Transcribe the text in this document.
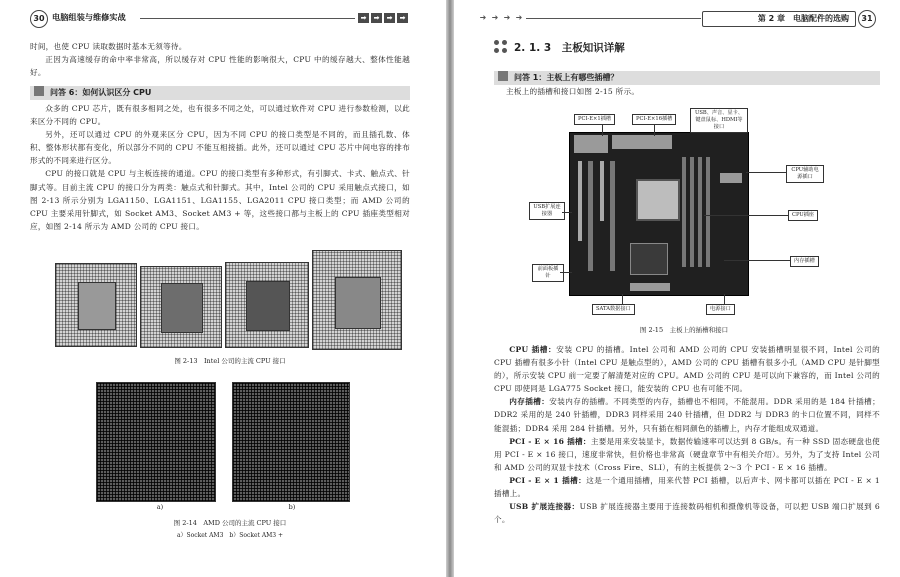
30 电脑组装与维修实战	➡	➡	➡	➡

时间，也使 CPU 读取数据时基本无须等待。

正因为高速缓存的命中率非常高，所以缓存对 CPU 性能的影响很大，CPU 中的缓存越大、整体性能越好。

问答 6：如何认识区分 CPU

众多的 CPU 芯片，既有很多相同之处，也有很多不同之处，可以通过软件对 CPU 进行参数检测，以此来区分不同的 CPU。

另外，还可以通过 CPU 的外观来区分 CPU，因为不同 CPU 的接口类型是不同的，而且插孔数、体积、整体形状都有变化，所以部分不同的 CPU 不能互相接插。此外，还可以通过 CPU 芯片中间电容的排布形式的不同来进行区分。

CPU 的接口就是 CPU 与主板连接的通道。CPU 的接口类型有多种形式，有引脚式、卡式、触点式、针脚式等。目前主流 CPU 的接口分为两类：触点式和针脚式。其中，Intel 公司的 CPU 采用触点式接口，如图 2-13 所示分别为 LGA1150、LGA1151、LGA1155、LGA2011 CPU 接口类型；而 AMD 公司的 CPU 主要采用针脚式，如 Socket AM3、Socket AM3 + 等，这些接口都与主板上的 CPU 插座类型相对应，如图 2-14 所示为 AMD 公司的 CPU 接口。

图 2-13　Intel 公司的主流 CPU 接口
a)	b)
图 2-14　AMD 公司的主流 CPU 接口
a）Socket AM3　b）Socket AM3 +
➜ ➜ ➜ ➜	第 2 章　电脑配件的选购	31
2. 1. 3　主板知识详解
问答 1：主板上有哪些插槽？
主板上的插槽和接口如图 2-15 所示。
PCI-E×1插槽	PCI-E×16插槽
USB、声音、显卡、键盘鼠标、HDMI等接口
CPU辅助电源插口
CPU插座
USB扩展连接器
内存插槽
前面板插针
SATA数据接口	电源接口
图 2-15　主板上的插槽和接口

CPU 插槽：安装 CPU 的插槽。Intel 公司和 AMD 公司的 CPU 安装插槽明显很不同，Intel 公司的 CPU 插槽有很多小针（Intel CPU 是触点型的），AMD 公司的 CPU 插槽有很多小孔（AMD CPU 是针脚型的），所示安装 CPU 前一定要了解清楚对应的 CPU。AMD 公司的 CPU 是可以向下兼容的，而 Intel 公司的 CPU 即使同是 LGA775 Socket 接口，能安装的 CPU 也有可能不同。

内存插槽：安装内存的插槽。不同类型的内存，插槽也不相同，不能混用。DDR 采用的是 184 针插槽；DDR2 采用的是 240 针插槽，DDR3 同样采用 240 针插槽，但 DDR2 与 DDR3 的卡口位置不同，同样不能混插；DDR4 采用 284 针插槽。另外，只有插在相同颜色的插槽上，内存才能组成双通道。

PCI - E × 16 插槽：主要是用来安装显卡，数据传输速率可以达到 8 GB/s。有一种 SSD 固态硬盘也使用 PCI - E × 16 接口，速度非常快，但价格也非常高（硬盘章节中有相关介绍）。另外，为了支持 Intel 公司和 AMD 公司的双显卡技术（Cross Fire、SLI），有的主板提供 2～3 个 PCI - E × 16 插槽。

PCI - E × 1 插槽：这是一个通用插槽，用来代替 PCI 插槽，以后声卡、网卡都可以插在 PCI - E × 1 插槽上。

USB 扩展连接器：USB 扩展连接器主要用于连接数码相机和摄像机等设备，可以把 USB 端口扩展到 6 个。
